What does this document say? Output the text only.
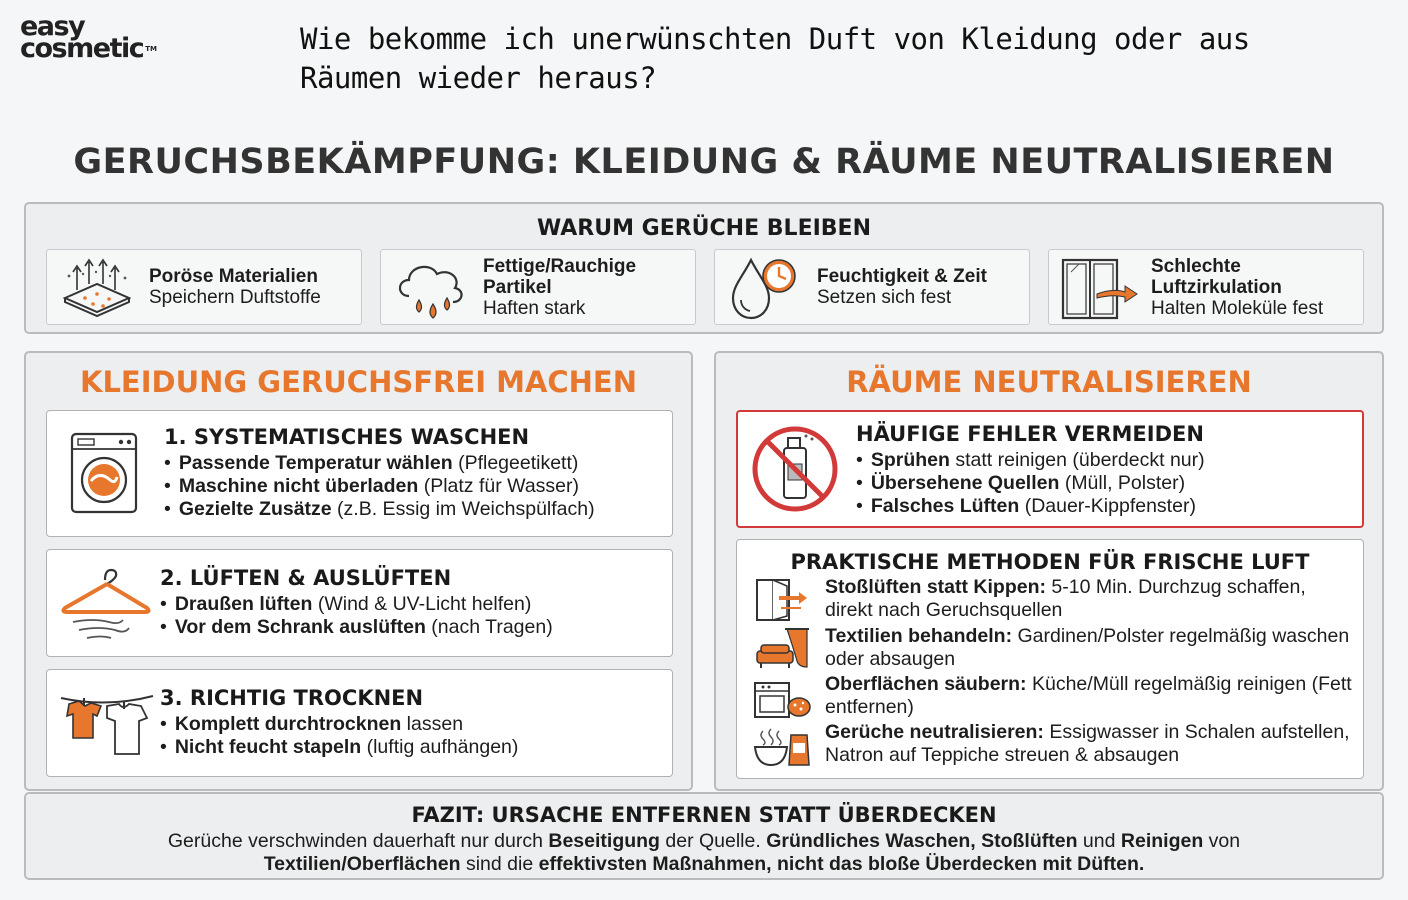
easy
cosmetic ™	Wie bekomme ich unerwünschten Duft von Kleidung oder aus Räumen wieder heraus?
GERUCHSBEKÄMPFUNG: KLEIDUNG & RÄUME NEUTRALISIEREN
WARUM GERÜCHE BLEIBEN
Poröse Materialien
Speichern Duftstoffe
Fettige/Rauchige Partikel
Haften stark
Feuchtigkeit & Zeit
Setzen sich fest
Schlechte Luftzirkulation
Halten Moleküle fest
KLEIDUNG GERUCHSFREI MACHEN
1. SYSTEMATISCHES WASCHEN
• Passende Temperatur wählen (Pflegeetikett)
• Maschine nicht überladen (Platz für Wasser)
• Gezielte Zusätze (z.B. Essig im Weichspülfach)
2. LÜFTEN & AUSLÜFTEN
• Draußen lüften (Wind & UV-Licht helfen)
• Vor dem Schrank auslüften (nach Tragen)
3. RICHTIG TROCKNEN
• Komplett durchtrocknen lassen
• Nicht feucht stapeln (luftig aufhängen)
RÄUME NEUTRALISIEREN
HÄUFIGE FEHLER VERMEIDEN
• Sprühen statt reinigen (überdeckt nur)
• Übersehene Quellen (Müll, Polster)
• Falsches Lüften (Dauer-Kippfenster)
PRAKTISCHE METHODEN FÜR FRISCHE LUFT
Stoßlüften statt Kippen: 5-10 Min. Durchzug schaffen, direkt nach Geruchsquellen
Textilien behandeln: Gardinen/Polster regelmäßig waschen oder absaugen
Oberflächen säubern: Küche/Müll regelmäßig reinigen (Fett entfernen)
Gerüche neutralisieren: Essigwasser in Schalen aufstellen, Natron auf Teppiche streuen & absaugen
FAZIT: URSACHE ENTFERNEN STATT ÜBERDECKEN
Gerüche verschwinden dauerhaft nur durch Beseitigung der Quelle. Gründliches Waschen, Stoßlüften und Reinigen von Textilien/Oberflächen sind die effektivsten Maßnahmen, nicht das bloße Überdecken mit Düften.
